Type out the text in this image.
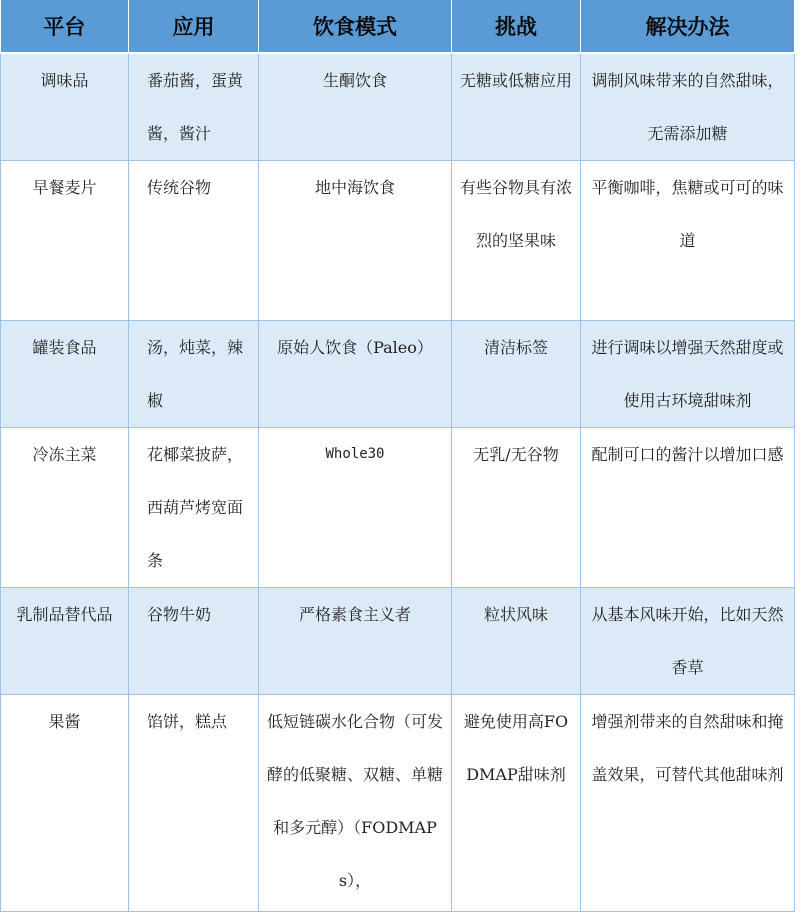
平台	应用	饮食模式	挑战	解决办法
调味品	番茄酱，蛋黄酱，酱汁	生酮饮食	无糖或低糖应用	调制风味带来的自然甜味，无需添加糖
早餐麦片	传统谷物	地中海饮食	有些谷物具有浓烈的坚果味	平衡咖啡，焦糖或可可的味道
罐装食品	汤，炖菜，辣椒	原始人饮食（Paleo）	清洁标签	进行调味以增强天然甜度或使用古环境甜味剂
冷冻主菜	花椰菜披萨，西葫芦烤宽面条	Whole30	无乳/无谷物	配制可口的酱汁以增加口感
乳制品替代品	谷物牛奶	严格素食主义者	粒状风味	从基本风味开始，比如天然香草
果酱	馅饼，糕点	低短链碳水化合物（可发酵的低聚糖、双糖、单糖和多元醇）（FODMAPs），	避免使用高FODMAP甜味剂	增强剂带来的自然甜味和掩盖效果，可替代其他甜味剂
